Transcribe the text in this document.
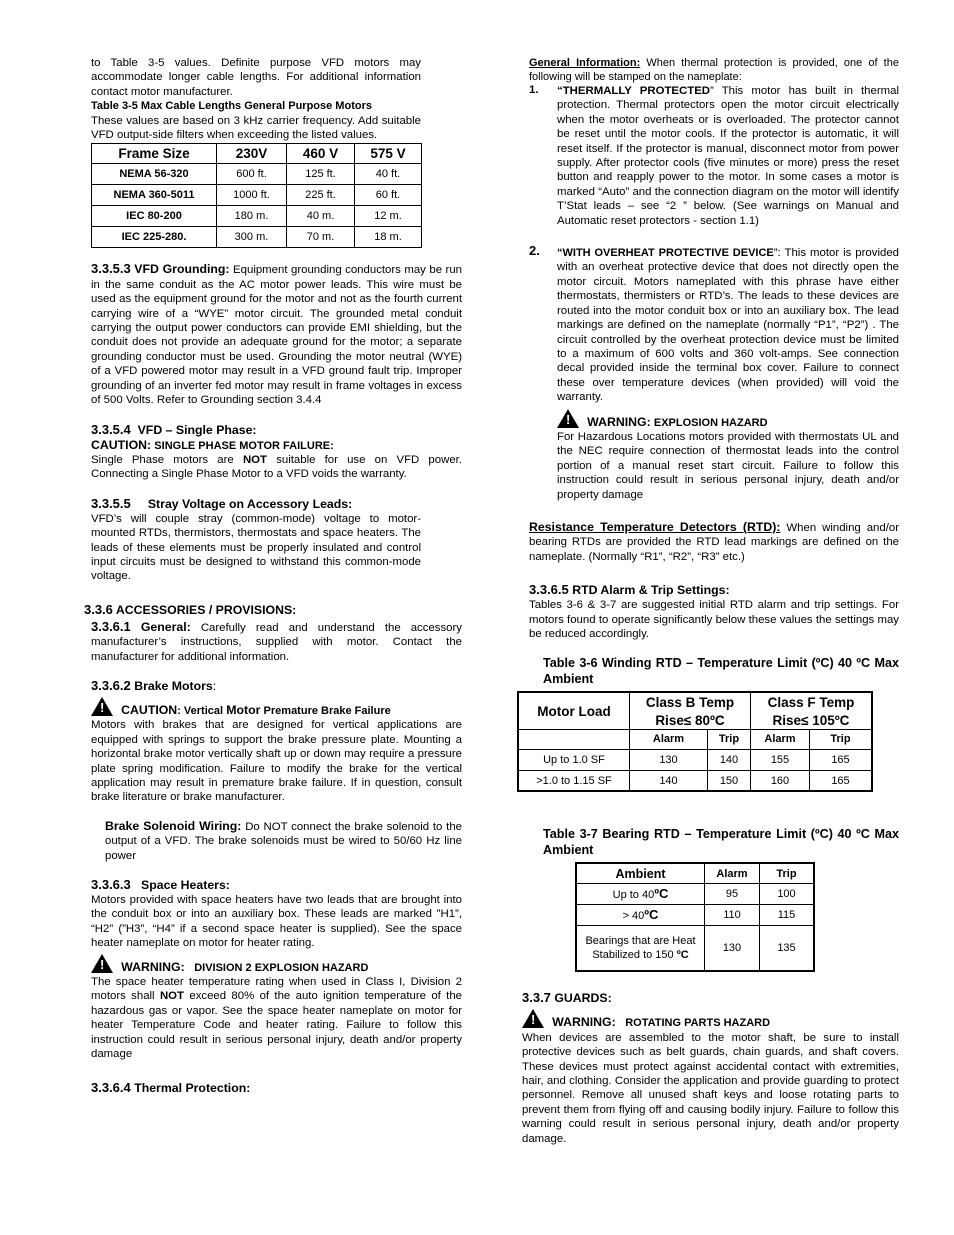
to Table 3-5 values. Definite purpose VFD motors may accommodate longer cable lengths. For additional information contact motor manufacturer.

Table 3-5 Max Cable Lengths General Purpose Motors

These values are based on 3 kHz carrier frequency. Add suitable VFD output-side filters when exceeding the listed values.

Frame Size	230V	460 V	575 V
NEMA 56-320	600 ft.	125 ft.	40 ft.
NEMA 360-5011	1000 ft.	225 ft.	60 ft.
IEC 80-200	180 m.	40 m.	12 m.
IEC 225-280.	300 m.	70 m.	18 m.

3.3.5.3 VFD Grounding: Equipment grounding conductors may be run in the same conduit as the AC motor power leads. This wire must be used as the equipment ground for the motor and not as the fourth current carrying wire of a “WYE” motor circuit. The grounded metal conduit carrying the output power conductors can provide EMI shielding, but the conduit does not provide an adequate ground for the motor; a separate grounding conductor must be used. Grounding the motor neutral (WYE) of a VFD powered motor may result in a VFD ground fault trip. Improper grounding of an inverter fed motor may result in frame voltages in excess of 500 Volts. Refer to Grounding section 3.4.4

3.3.5.4 VFD – Single Phase:

CAUTION: SINGLE PHASE MOTOR FAILURE:

Single Phase motors are NOT suitable for use on VFD power. Connecting a Single Phase Motor to a VFD voids the warranty.

3.3.5.5 Stray Voltage on Accessory Leads:

VFD’s will couple stray (common-mode) voltage to motor-mounted RTDs, thermistors, thermostats and space heaters. The leads of these elements must be properly insulated and control input circuits must be designed to withstand this common-mode voltage.

3.3.6 ACCESSORIES / PROVISIONS:

3.3.6.1 General: Carefully read and understand the accessory manufacturer’s instructions, supplied with motor. Contact the manufacturer for additional information.

3.3.6.2 Brake Motors:

! CAUTION: Vertical Motor Premature Brake Failure

Motors with brakes that are designed for vertical applications are equipped with springs to support the brake pressure plate. Mounting a horizontal brake motor vertically shaft up or down may require a pressure plate spring modification. Failure to modify the brake for the vertical application may result in premature brake failure. If in question, consult brake literature or brake manufacturer.

Brake Solenoid Wiring: Do NOT connect the brake solenoid to the output of a VFD. The brake solenoids must be wired to 50/60 Hz line power

3.3.6.3 Space Heaters:

Motors provided with space heaters have two leads that are brought into the conduit box or into an auxiliary box. These leads are marked ”H1”, “H2” (”H3”, “H4” if a second space heater is supplied). See the space heater nameplate on motor for heater rating.

! WARNING: DIVISION 2 EXPLOSION HAZARD

The space heater temperature rating when used in Class I, Division 2 motors shall NOT exceed 80% of the auto ignition temperature of the hazardous gas or vapor. See the space heater nameplate on motor for heater Temperature Code and heater rating. Failure to follow this instruction could result in serious personal injury, death and/or property damage

3.3.6.4 Thermal Protection:

General Information: When thermal protection is provided, one of the following will be stamped on the nameplate:

1. “THERMALLY PROTECTED” This motor has built in thermal protection. Thermal protectors open the motor circuit electrically when the motor overheats or is overloaded. The protector cannot be reset until the motor cools. If the protector is automatic, it will reset itself. If the protector is manual, disconnect motor from power supply. After protector cools (five minutes or more) press the reset button and reapply power to the motor. In some cases a motor is marked “Auto” and the connection diagram on the motor will identify T’Stat leads – see “2 ” below. (See warnings on Manual and Automatic reset protectors - section 1.1)

2. “WITH OVERHEAT PROTECTIVE DEVICE”: This motor is provided with an overheat protective device that does not directly open the motor circuit. Motors nameplated with this phrase have either thermostats, thermisters or RTD’s. The leads to these devices are routed into the motor conduit box or into an auxiliary box. The lead markings are defined on the nameplate (normally “P1”, “P2”) . The circuit controlled by the overheat protection device must be limited to a maximum of 600 volts and 360 volt-amps. See connection decal provided inside the terminal box cover. Failure to connect these over temperature devices (when provided) will void the warranty.

! WARNING: EXPLOSION HAZARD

For Hazardous Locations motors provided with thermostats UL and the NEC require connection of thermostat leads into the control portion of a manual reset start circuit. Failure to follow this instruction could result in serious personal injury, death and/or property damage

Resistance Temperature Detectors (RTD): When winding and/or bearing RTDs are provided the RTD lead markings are defined on the nameplate. (Normally “R1”, “R2”, “R3” etc.)

3.3.6.5 RTD Alarm & Trip Settings:

Tables 3-6 & 3-7 are suggested initial RTD alarm and trip settings. For motors found to operate significantly below these values the settings may be reduced accordingly.

Table 3-6 Winding RTD – Temperature Limit (ºC) 40 ºC Max Ambient

Motor Load	Class B Temp		Class F Temp	
	Rise≤ 80ºC		Rise≤ 105ºC	
	Alarm	Trip	Alarm	Trip
Up to 1.0 SF	130	140	155	165
>1.0 to 1.15 SF	140	150	160	165

Table 3-7 Bearing RTD – Temperature Limit (ºC) 40 ºC Max Ambient

Ambient	Alarm	Trip
Up to 40ºC	95	100
> 40ºC	110	115
Bearings that are Heat Stabilized to 150 ºC	130	135

3.3.7 GUARDS:

! WARNING: ROTATING PARTS HAZARD

When devices are assembled to the motor shaft, be sure to install protective devices such as belt guards, chain guards, and shaft covers. These devices must protect against accidental contact with extremities, hair, and clothing. Consider the application and provide guarding to protect personnel. Remove all unused shaft keys and loose rotating parts to prevent them from flying off and causing bodily injury. Failure to follow this warning could result in serious personal injury, death and/or property damage.
